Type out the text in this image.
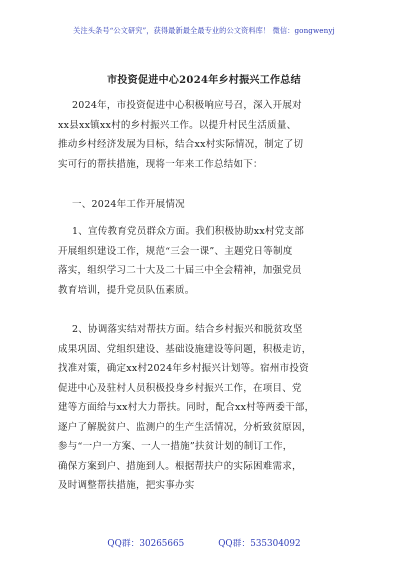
关注头条号“公文研究”，获得最新最全最专业的公文资料库！ 微信：gongwenyj
市投资促进中心2024年乡村振兴工作总结
2024年，市投资促进中心积极响应号召，深入开展对
xx县xx镇xx村的乡村振兴工作。以提升村民生活质量、
推动乡村经济发展为目标，结合xx村实际情况，制定了切
实可行的帮扶措施，现将一年来工作总结如下：
一、2024年工作开展情况
1、宣传教育党员群众方面。我们积极协助xx村党支部
开展组织建设工作，规范“三会一课”、主题党日等制度
落实，组织学习二十大及二十届三中全会精神，加强党员
教育培训，提升党员队伍素质。
2、协调落实结对帮扶方面。结合乡村振兴和脱贫攻坚
成果巩固、党组织建设、基础设施建设等问题，积极走访，
找准对策，确定xx村2024年乡村振兴计划等。宿州市投资
促进中心及驻村人员积极投身乡村振兴工作，在项目、党
建等方面给与xx村大力帮扶。同时，配合xx村等两委干部，
逐户了解脱贫户、监测户的生产生活情况，分析致贫原因，
参与“一户一方案、一人一措施”扶贫计划的制订工作，
确保方案到户、措施到人。根据帮扶户的实际困难需求，
及时调整帮扶措施，把实事办实
QQ群：30265665	QQ群：535304092
